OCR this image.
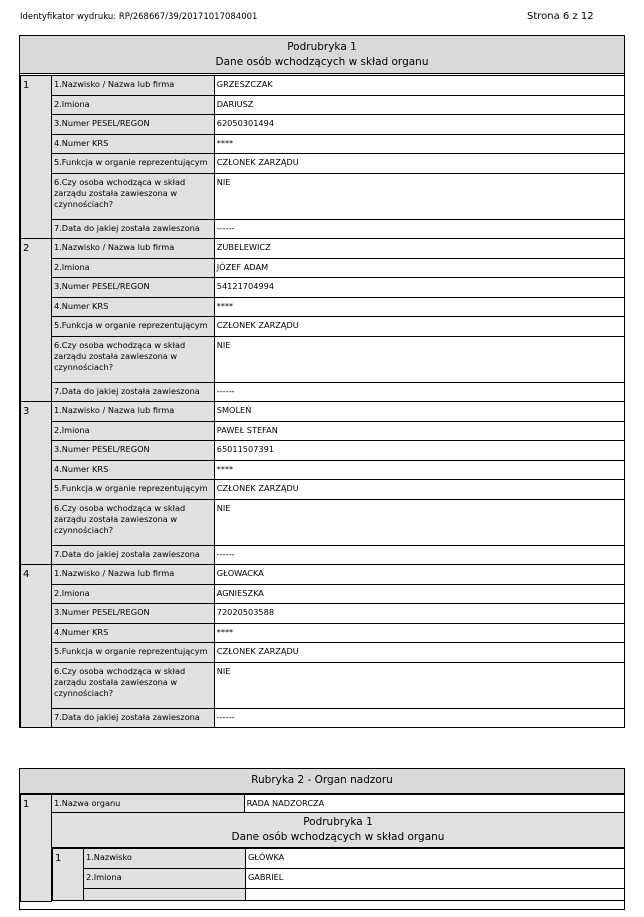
Identyfikator wydruku: RP/268667/39/20171017084001	Strona 6 z 12
Podrubryka 1
Dane osób wchodzących w skład organu
1	1.Nazwisko / Nazwa lub firma	GRZESZCZAK
	2.Imiona	DARIUSZ
	3.Numer PESEL/REGON	62050301494
	4.Numer KRS	****
	5.Funkcja w organie reprezentującym	CZŁONEK ZARZĄDU
	6.Czy osoba wchodząca w skład zarządu została zawieszona w czynnościach?	NIE
	7.Data do jakiej została zawieszona	------
2	1.Nazwisko / Nazwa lub firma	ZUBELEWICZ
	2.Imiona	JÓZEF ADAM
	3.Numer PESEL/REGON	54121704994
	4.Numer KRS	****
	5.Funkcja w organie reprezentującym	CZŁONEK ZARZĄDU
	6.Czy osoba wchodząca w skład zarządu została zawieszona w czynnościach?	NIE
	7.Data do jakiej została zawieszona	------
3	1.Nazwisko / Nazwa lub firma	SMOLEŃ
	2.Imiona	PAWEŁ STEFAN
	3.Numer PESEL/REGON	65011507391
	4.Numer KRS	****
	5.Funkcja w organie reprezentującym	CZŁONEK ZARZĄDU
	6.Czy osoba wchodząca w skład zarządu została zawieszona w czynnościach?	NIE
	7.Data do jakiej została zawieszona	------
4	1.Nazwisko / Nazwa lub firma	GŁOWACKA
	2.Imiona	AGNIESZKA
	3.Numer PESEL/REGON	72020503588
	4.Numer KRS	****
	5.Funkcja w organie reprezentującym	CZŁONEK ZARZĄDU
	6.Czy osoba wchodząca w skład zarządu została zawieszona w czynnościach?	NIE
	7.Data do jakiej została zawieszona	------
Rubryka 2 - Organ nadzoru
1	1.Nazwa organu	RADA NADZORCZA

Podrubryka 1
Dane osób wchodzących w skład organu

1	1.Nazwisko	GŁÓWKA
2.Imiona	GABRIEL
